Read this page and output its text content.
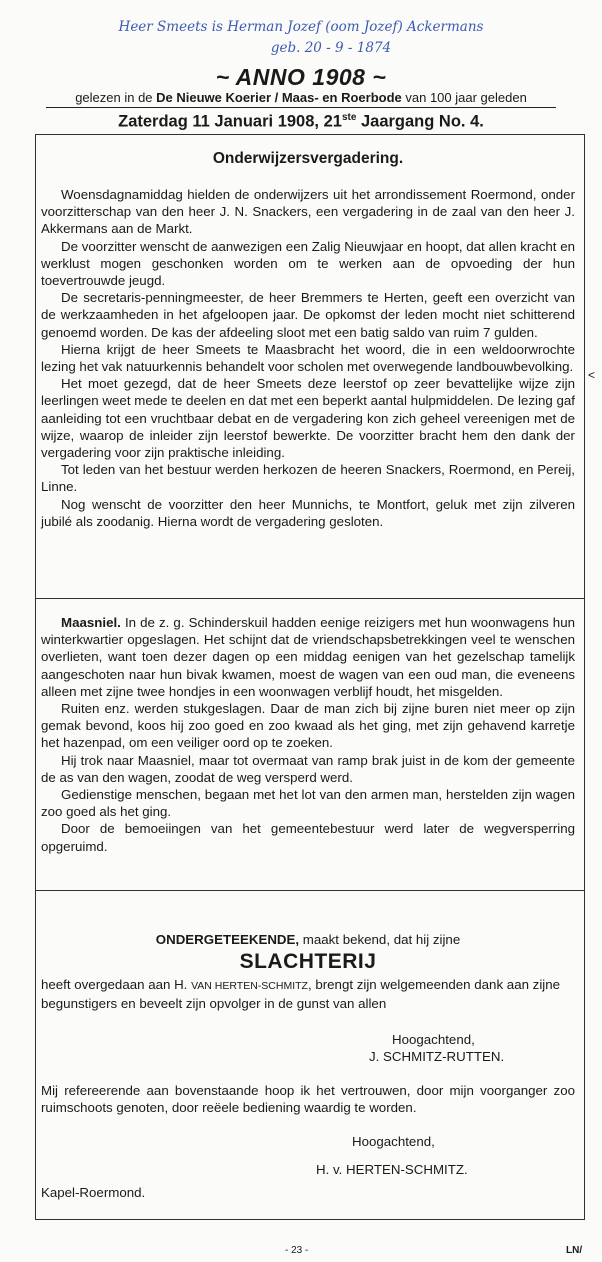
Heer Smeets is Herman Jozef (oom Jozef) Ackermans
geb. 20 - 9 - 1874
~ ANNO 1908 ~
gelezen in de De Nieuwe Koerier / Maas- en Roerbode van 100 jaar geleden
Zaterdag 11 Januari 1908, 21ste Jaargang No. 4.
Onderwijzersvergadering.

Woensdagnamiddag hielden de onderwijzers uit het arrondissement Roermond, onder voorzitterschap van den heer J. N. Snackers, een vergadering in de zaal van den heer J. Akkermans aan de Markt.

De voorzitter wenscht de aanwezigen een Zalig Nieuwjaar en hoopt, dat allen kracht en werklust mogen geschonken worden om te werken aan de opvoeding der hun toevertrouwde jeugd.

De secretaris-penningmeester, de heer Bremmers te Herten, geeft een overzicht van de werkzaamheden in het afgeloopen jaar. De opkomst der leden mocht niet schitterend genoemd worden. De kas der afdeeling sloot met een batig saldo van ruim 7 gulden.

Hierna krijgt de heer Smeets te Maasbracht het woord, die in een weldoorwrochte lezing het vak natuurkennis behandelt voor scholen met overwegende landbouwbevolking.

Het moet gezegd, dat de heer Smeets deze leerstof op zeer bevattelijke wijze zijn leerlingen weet mede te deelen en dat met een beperkt aantal hulpmiddelen. De lezing gaf aanleiding tot een vruchtbaar debat en de vergadering kon zich geheel vereenigen met de wijze, waarop de inleider zijn leerstof bewerkte. De voorzitter bracht hem den dank der vergadering voor zijn praktische inleiding.

Tot leden van het bestuur werden herkozen de heeren Snackers, Roermond, en Pereij, Linne.

Nog wenscht de voorzitter den heer Munnichs, te Montfort, geluk met zijn zilveren jubilé als zoodanig. Hierna wordt de vergadering gesloten.

Maasniel. In de z. g. Schinderskuil hadden eenige reizigers met hun woonwagens hun winterkwartier opgeslagen. Het schijnt dat de vriendschapsbetrekkingen veel te wenschen overlieten, want toen dezer dagen op een middag eenigen van het gezelschap tamelijk aangeschoten naar hun bivak kwamen, moest de wagen van een oud man, die eveneens alleen met zijne twee hondjes in een woonwagen verblijf houdt, het misgelden.

Ruiten enz. werden stukgeslagen. Daar de man zich bij zijne buren niet meer op zijn gemak bevond, koos hij zoo goed en zoo kwaad als het ging, met zijn gehavend karretje het hazenpad, om een veiliger oord op te zoeken.

Hij trok naar Maasniel, maar tot overmaat van ramp brak juist in de kom der gemeente de as van den wagen, zoodat de weg versperd werd.

Gedienstige menschen, begaan met het lot van den armen man, herstelden zijn wagen zoo goed als het ging.

Door de bemoeiingen van het gemeentebestuur werd later de wegversperring opgeruimd.

ONDERGETEEKENDE, maakt bekend, dat hij zijne
SLACHTERIJ
heeft overgedaan aan H. VAN HERTEN-SCHMITZ, brengt zijn welgemeenden dank aan zijne begunstigers en beveelt zijn opvolger in de gunst van allen
Hoogachtend,
J. SCHMITZ-RUTTEN.
Mij refereerende aan bovenstaande hoop ik het vertrouwen, door mijn voorganger zoo ruimschoots genoten, door reëele bediening waardig te worden.
Hoogachtend,
H. v. HERTEN-SCHMITZ.
Kapel-Roermond.
<
- 23 -	LN/
